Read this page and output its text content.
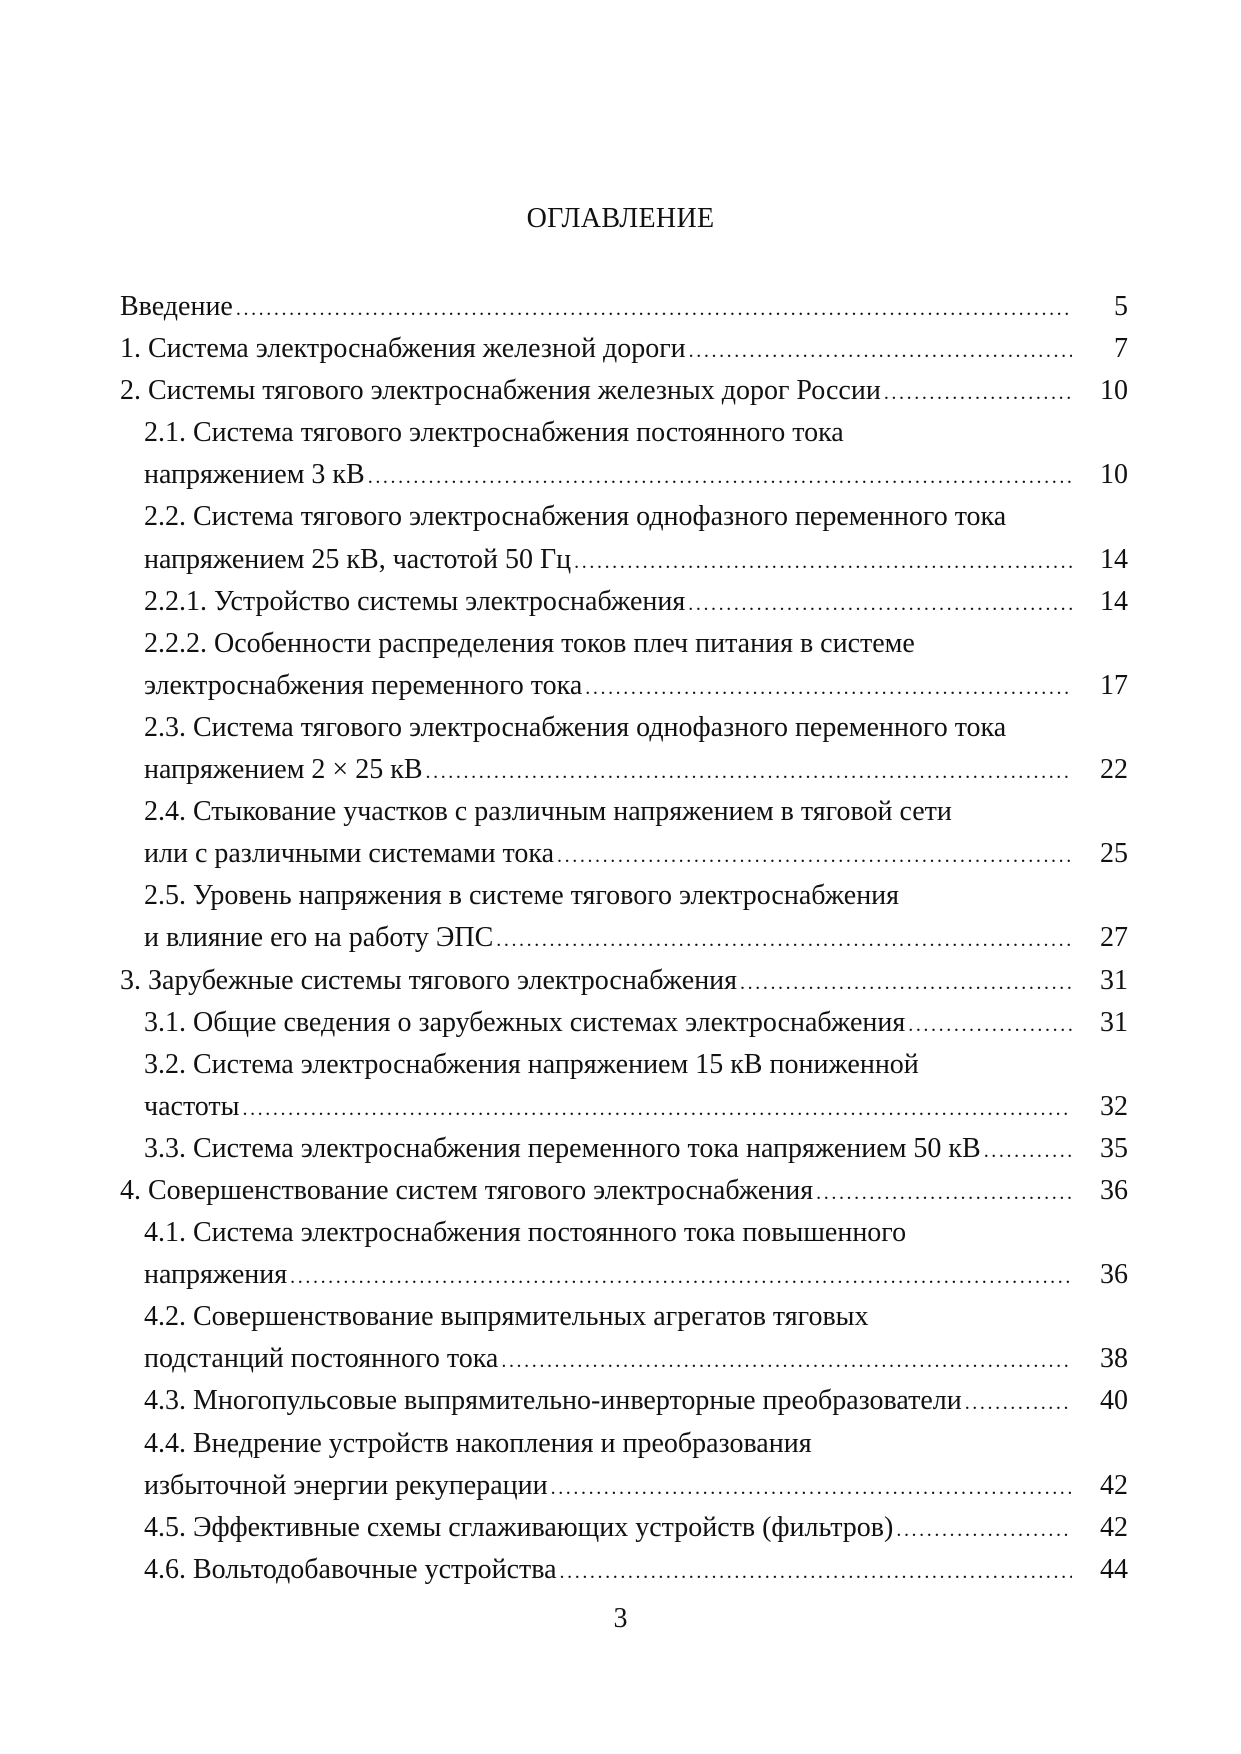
ОГЛАВЛЕНИЕ
Введение .....	5
1. Система электроснабжения железной дороги .....	7
2. Системы тягового электроснабжения железных дорог России .....	10
2.1. Система тягового электроснабжения постоянного тока
напряжением 3 кВ .....	10
2.2. Система тягового электроснабжения однофазного переменного тока
напряжением 25 кВ, частотой 50 Гц .....	14
2.2.1. Устройство системы электроснабжения .....	14
2.2.2. Особенности распределения токов плеч питания в системе
электроснабжения переменного тока .....	17
2.3. Система тягового электроснабжения однофазного переменного тока
напряжением 2 × 25 кВ .....	22
2.4. Стыкование участков с различным напряжением в тяговой сети
или с различными системами тока .....	25
2.5. Уровень напряжения в системе тягового электроснабжения
и влияние его на работу ЭПС .....	27
3. Зарубежные системы тягового электроснабжения .....	31
3.1. Общие сведения о зарубежных системах электроснабжения .....	31
3.2. Система электроснабжения напряжением 15 кВ пониженной
частоты .....	32
3.3. Система электроснабжения переменного тока напряжением 50 кВ .....	35
4. Совершенствование систем тягового электроснабжения .....	36
4.1. Система электроснабжения постоянного тока повышенного
напряжения .....	36
4.2. Совершенствование выпрямительных агрегатов тяговых
подстанций постоянного тока .....	38
4.3. Многопульсовые выпрямительно-инверторные преобразователи .....	40
4.4. Внедрение устройств накопления и преобразования
избыточной энергии рекуперации .....	42
4.5. Эффективные схемы сглаживающих устройств (фильтров) .....	42
4.6. Вольтодобавочные устройства .....	44
3
